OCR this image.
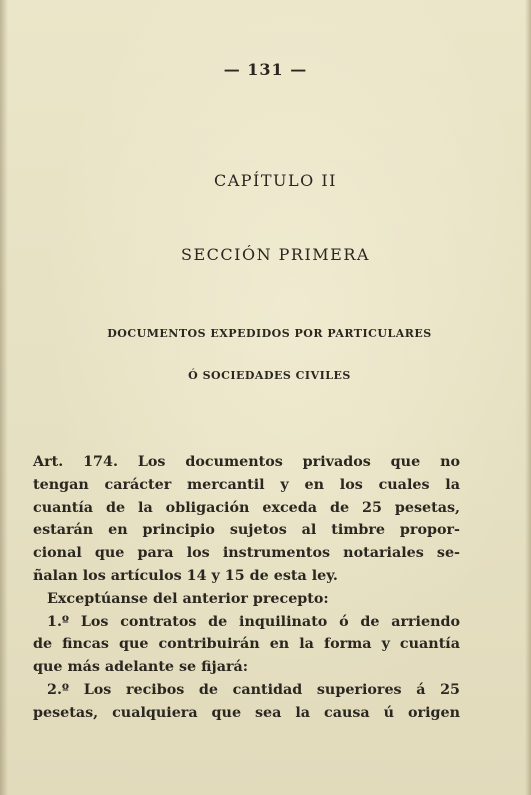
— 131 —
CAPÍTULO II
SECCIÓN PRIMERA
DOCUMENTOS EXPEDIDOS POR PARTICULARES
Ó SOCIEDADES CIVILES
Art. 174. Los documentos privados que no
tengan carácter mercantil y en los cuales la
cuantía de la obligación exceda de 25 pesetas,
estarán en principio sujetos al timbre propor-
cional que para los instrumentos notariales se-
ñalan los artículos 14 y 15 de esta ley.
Exceptúanse del anterior precepto:
1.º Los contratos de inquilinato ó de arriendo
de fincas que contribuirán en la forma y cuantía
que más adelante se fijará:
2.º Los recibos de cantidad superiores á 25
pesetas, cualquiera que sea la causa ú origen
